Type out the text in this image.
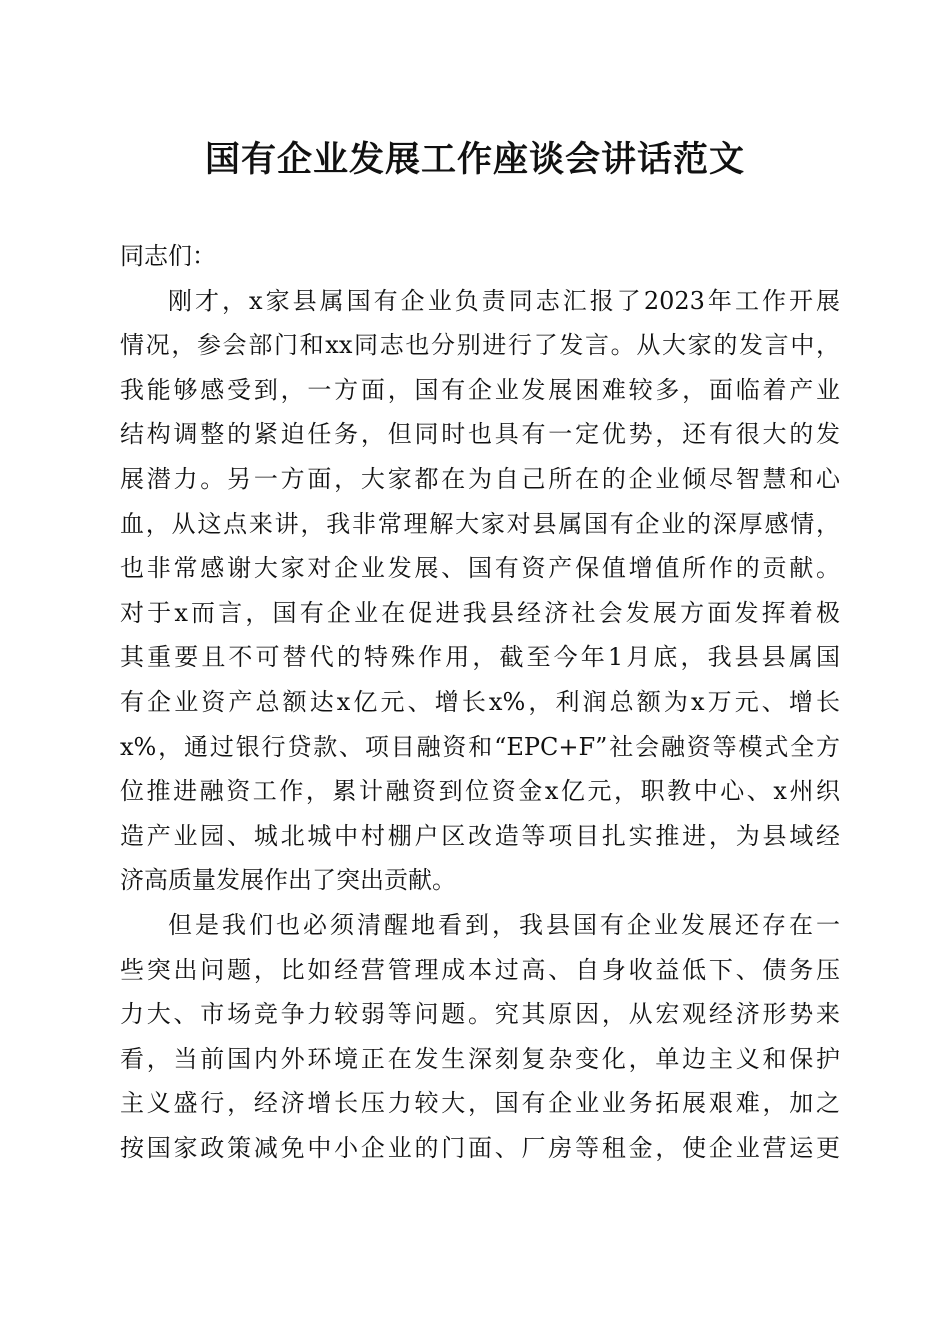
国有企业发展工作座谈会讲话范文

同志们：

刚才，x家县属国有企业负责同志汇报了2023年工作开展
情况，参会部门和xx同志也分别进行了发言。从大家的发言中，
我能够感受到，一方面，国有企业发展困难较多，面临着产业
结构调整的紧迫任务，但同时也具有一定优势，还有很大的发
展潜力。另一方面，大家都在为自己所在的企业倾尽智慧和心
血，从这点来讲，我非常理解大家对县属国有企业的深厚感情，
也非常感谢大家对企业发展、国有资产保值增值所作的贡献。
对于x而言，国有企业在促进我县经济社会发展方面发挥着极
其重要且不可替代的特殊作用，截至今年1月底，我县县属国
有企业资产总额达x亿元、增长x%，利润总额为x万元、增长
x%，通过银行贷款、项目融资和“EPC+F”社会融资等模式全方
位推进融资工作，累计融资到位资金x亿元，职教中心、x州织
造产业园、城北城中村棚户区改造等项目扎实推进，为县域经
济高质量发展作出了突出贡献。

但是我们也必须清醒地看到，我县国有企业发展还存在一
些突出问题，比如经营管理成本过高、自身收益低下、债务压
力大、市场竞争力较弱等问题。究其原因，从宏观经济形势来
看，当前国内外环境正在发生深刻复杂变化，单边主义和保护
主义盛行，经济增长压力较大，国有企业业务拓展艰难，加之
按国家政策减免中小企业的门面、厂房等租金，使企业营运更
